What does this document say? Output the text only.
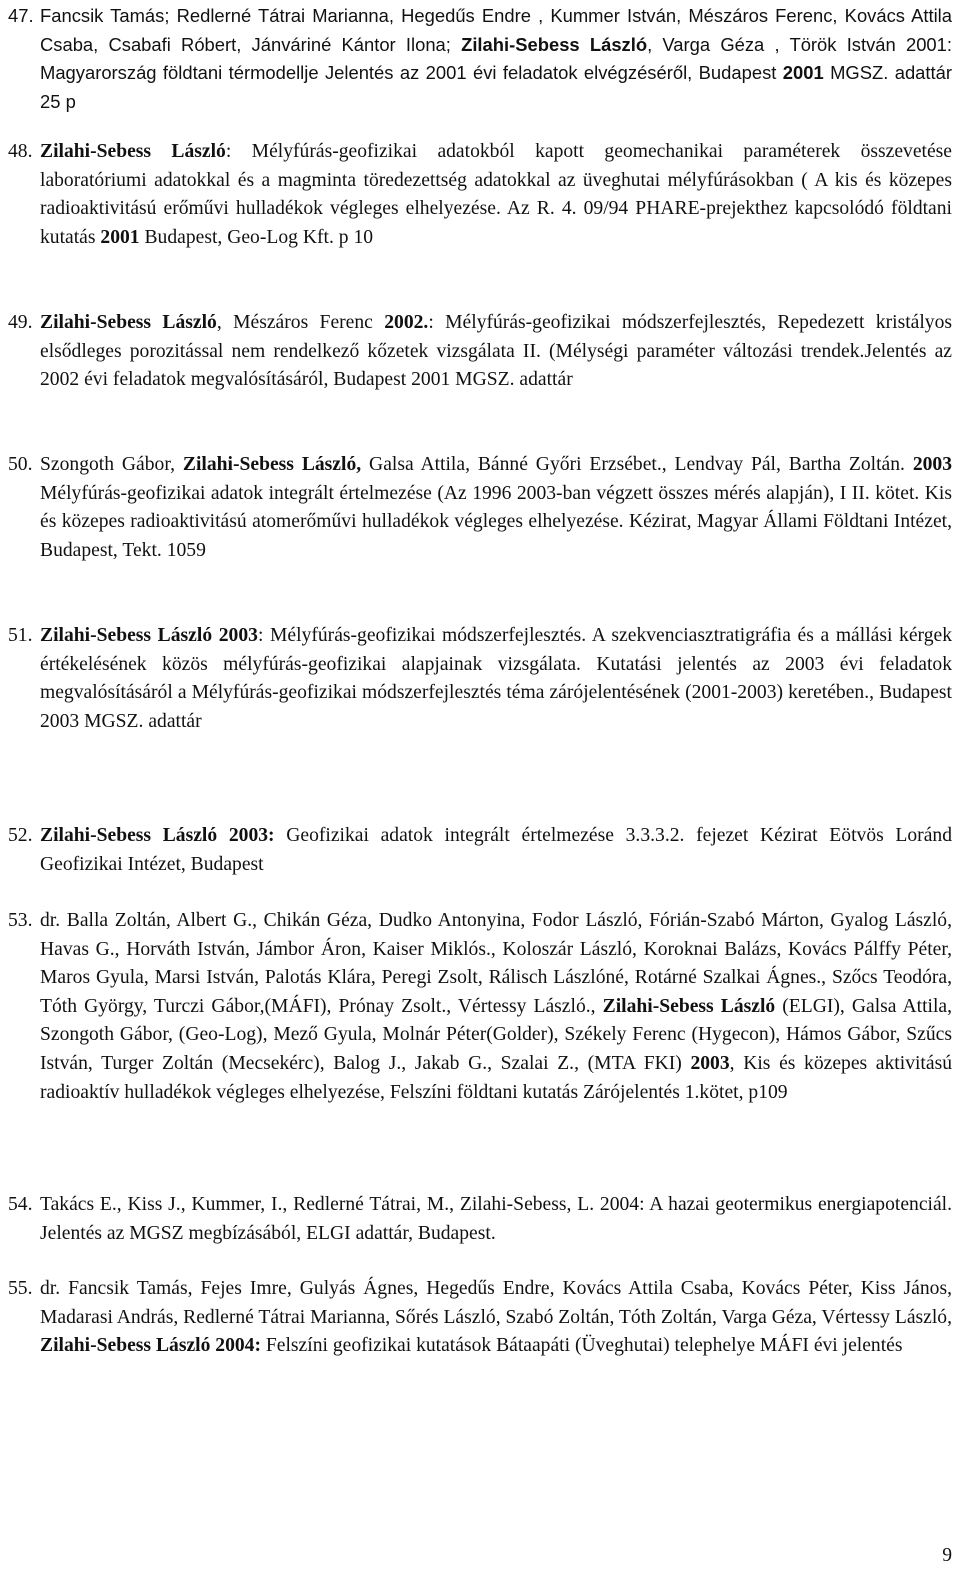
47. Fancsik Tamás; Redlerné Tátrai Marianna, Hegedűs Endre , Kummer István, Mészáros Ferenc, Kovács Attila Csaba, Csabafi Róbert, Jánváriné Kántor Ilona; Zilahi-Sebess László, Varga Géza , Török István 2001: Magyarország földtani térmodellje Jelentés az 2001 évi feladatok elvégzéséről, Budapest 2001 MGSZ. adattár 25 p
48. Zilahi-Sebess László: Mélyfúrás-geofizikai adatokból kapott geomechanikai paraméterek összevetése laboratóriumi adatokkal és a magminta töredezettség adatokkal az üveghutai mélyfúrásokban ( A kis és közepes radioaktivitású erőművi hulladékok végleges elhelyezése. Az R. 4. 09/94 PHARE-prejekthez kapcsolódó földtani kutatás 2001 Budapest, Geo-Log Kft. p 10
49. Zilahi-Sebess László, Mészáros Ferenc 2002.: Mélyfúrás-geofizikai módszerfejlesztés, Repedezett kristályos elsődleges porozitással nem rendelkező kőzetek vizsgálata II. (Mélységi paraméter változási trendek.Jelentés az 2002 évi feladatok megvalósításáról, Budapest 2001 MGSZ. adattár
50. Szongoth Gábor, Zilahi-Sebess László, Galsa Attila, Bánné Győri Erzsébet., Lendvay Pál, Bartha Zoltán. 2003 Mélyfúrás-geofizikai adatok integrált értelmezése (Az 1996 2003-ban végzett összes mérés alapján), I II. kötet. Kis és közepes radioaktivitású atomerőművi hulladékok végleges elhelyezése. Kézirat, Magyar Állami Földtani Intézet, Budapest, Tekt. 1059
51. Zilahi-Sebess László 2003: Mélyfúrás-geofizikai módszerfejlesztés. A szekvenciasztratigráfia és a mállási kérgek értékelésének közös mélyfúrás-geofizikai alapjainak vizsgálata. Kutatási jelentés az 2003 évi feladatok megvalósításáról a Mélyfúrás-geofizikai módszerfejlesztés téma zárójelentésének (2001-2003) keretében., Budapest 2003 MGSZ. adattár
52. Zilahi-Sebess László 2003: Geofizikai adatok integrált értelmezése 3.3.3.2. fejezet Kézirat Eötvös Loránd Geofizikai Intézet, Budapest
53. dr. Balla Zoltán, Albert G., Chikán Géza, Dudko Antonyina, Fodor László, Fórián-Szabó Márton, Gyalog László, Havas G., Horváth István, Jámbor Áron, Kaiser Miklós., Koloszár László, Koroknai Balázs, Kovács Pálffy Péter, Maros Gyula, Marsi István, Palotás Klára, Peregi Zsolt, Rálisch Lászlóné, Rotárné Szalkai Ágnes., Szőcs Teodóra, Tóth György, Turczi Gábor,(MÁFI), Prónay Zsolt., Vértessy László., Zilahi-Sebess László (ELGI), Galsa Attila, Szongoth Gábor, (Geo-Log), Mező Gyula, Molnár Péter(Golder), Székely Ferenc (Hygecon), Hámos Gábor, Szűcs István, Turger Zoltán (Mecsekérc), Balog J., Jakab G., Szalai Z., (MTA FKI) 2003, Kis és közepes aktivitású radioaktív hulladékok végleges elhelyezése, Felszíni földtani kutatás Zárójelentés 1.kötet, p109
54. Takács E., Kiss J., Kummer, I., Redlerné Tátrai, M., Zilahi-Sebess, L. 2004: A hazai geotermikus energiapotenciál. Jelentés az MGSZ megbízásából, ELGI adattár, Budapest.
55. dr. Fancsik Tamás, Fejes Imre, Gulyás Ágnes, Hegedűs Endre, Kovács Attila Csaba, Kovács Péter, Kiss János, Madarasi András, Redlerné Tátrai Marianna, Sőrés László, Szabó Zoltán, Tóth Zoltán, Varga Géza, Vértessy László, Zilahi-Sebess László 2004: Felszíni geofizikai kutatások Bátaapáti (Üveghutai) telephelye MÁFI évi jelentés
9
